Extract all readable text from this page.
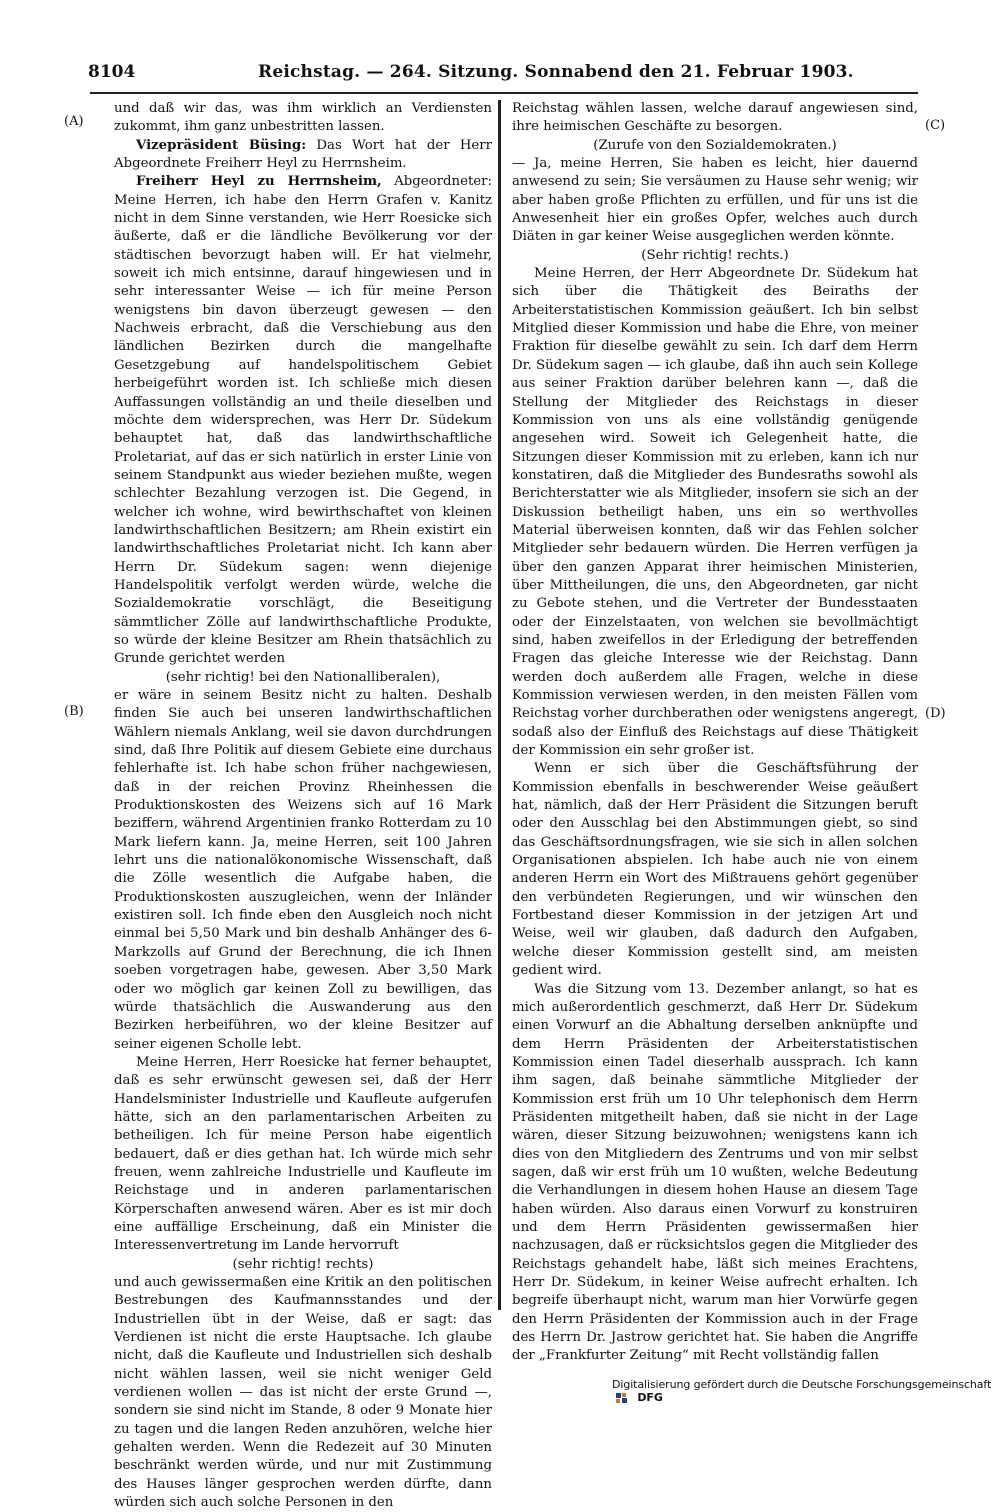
8104	Reichstag. — 264. Sitzung. Sonnabend den 21. Februar 1903.
(A)
(B)
(C)
(D)

und daß wir das, was ihm wirklich an Verdiensten zukommt, ihm ganz unbestritten lassen.

Vizepräsident Büsing: Das Wort hat der Herr Abgeordnete Freiherr Heyl zu Herrnsheim.

Freiherr Heyl zu Herrnsheim, Abgeordneter: Meine Herren, ich habe den Herrn Grafen v. Kanitz nicht in dem Sinne verstanden, wie Herr Roesicke sich äußerte, daß er die ländliche Bevölkerung vor der städtischen bevorzugt haben will. Er hat vielmehr, soweit ich mich entsinne, darauf hingewiesen und in sehr interessanter Weise — ich für meine Person wenigstens bin davon überzeugt gewesen — den Nachweis erbracht, daß die Verschiebung aus den ländlichen Bezirken durch die mangelhafte Gesetzgebung auf handelspolitischem Gebiet herbeigeführt worden ist. Ich schließe mich diesen Auffassungen vollständig an und theile dieselben und möchte dem widersprechen, was Herr Dr. Südekum behauptet hat, daß das landwirthschaftliche Proletariat, auf das er sich natürlich in erster Linie von seinem Standpunkt aus wieder beziehen mußte, wegen schlechter Bezahlung verzogen ist. Die Gegend, in welcher ich wohne, wird bewirthschaftet von kleinen landwirthschaftlichen Besitzern; am Rhein existirt ein landwirthschaftliches Proletariat nicht. Ich kann aber Herrn Dr. Südekum sagen: wenn diejenige Handelspolitik verfolgt werden würde, welche die Sozialdemokratie vorschlägt, die Beseitigung sämmtlicher Zölle auf landwirthschaftliche Produkte, so würde der kleine Besitzer am Rhein thatsächlich zu Grunde gerichtet werden

(sehr richtig! bei den Nationalliberalen),

er wäre in seinem Besitz nicht zu halten. Deshalb finden Sie auch bei unseren landwirthschaftlichen Wählern niemals Anklang, weil sie davon durchdrungen sind, daß Ihre Politik auf diesem Gebiete eine durchaus fehlerhafte ist. Ich habe schon früher nachgewiesen, daß in der reichen Provinz Rheinhessen die Produktionskosten des Weizens sich auf 16 Mark beziffern, während Argentinien franko Rotterdam zu 10 Mark liefern kann. Ja, meine Herren, seit 100 Jahren lehrt uns die nationalökonomische Wissenschaft, daß die Zölle wesentlich die Aufgabe haben, die Produktionskosten auszugleichen, wenn der Inländer existiren soll. Ich finde eben den Ausgleich noch nicht einmal bei 5,50 Mark und bin deshalb Anhänger des 6-Markzolls auf Grund der Berechnung, die ich Ihnen soeben vorgetragen habe, gewesen. Aber 3,50 Mark oder wo möglich gar keinen Zoll zu bewilligen, das würde thatsächlich die Auswanderung aus den Bezirken herbeiführen, wo der kleine Besitzer auf seiner eigenen Scholle lebt.

Meine Herren, Herr Roesicke hat ferner behauptet, daß es sehr erwünscht gewesen sei, daß der Herr Handelsminister Industrielle und Kaufleute aufgerufen hätte, sich an den parlamentarischen Arbeiten zu betheiligen. Ich für meine Person habe eigentlich bedauert, daß er dies gethan hat. Ich würde mich sehr freuen, wenn zahlreiche Industrielle und Kaufleute im Reichstage und in anderen parlamentarischen Körperschaften anwesend wären. Aber es ist mir doch eine auffällige Erscheinung, daß ein Minister die Interessenvertretung im Lande hervorruft

(sehr richtig! rechts)

und auch gewissermaßen eine Kritik an den politischen Bestrebungen des Kaufmannsstandes und der Industriellen übt in der Weise, daß er sagt: das Verdienen ist nicht die erste Hauptsache. Ich glaube nicht, daß die Kaufleute und Industriellen sich deshalb nicht wählen lassen, weil sie nicht weniger Geld verdienen wollen — das ist nicht der erste Grund —, sondern sie sind nicht im Stande, 8 oder 9 Monate hier zu tagen und die langen Reden anzuhören, welche hier gehalten werden. Wenn die Redezeit auf 30 Minuten beschränkt werden würde, und nur mit Zustimmung des Hauses länger gesprochen werden dürfte, dann würden sich auch solche Personen in den

Reichstag wählen lassen, welche darauf angewiesen sind, ihre heimischen Geschäfte zu besorgen.

(Zurufe von den Sozialdemokraten.)

— Ja, meine Herren, Sie haben es leicht, hier dauernd anwesend zu sein; Sie versäumen zu Hause sehr wenig; wir aber haben große Pflichten zu erfüllen, und für uns ist die Anwesenheit hier ein großes Opfer, welches auch durch Diäten in gar keiner Weise ausgeglichen werden könnte.

(Sehr richtig! rechts.)

Meine Herren, der Herr Abgeordnete Dr. Südekum hat sich über die Thätigkeit des Beiraths der Arbeiterstatistischen Kommission geäußert. Ich bin selbst Mitglied dieser Kommission und habe die Ehre, von meiner Fraktion für dieselbe gewählt zu sein. Ich darf dem Herrn Dr. Südekum sagen — ich glaube, daß ihn auch sein Kollege aus seiner Fraktion darüber belehren kann —, daß die Stellung der Mitglieder des Reichstags in dieser Kommission von uns als eine vollständig genügende angesehen wird. Soweit ich Gelegenheit hatte, die Sitzungen dieser Kommission mit zu erleben, kann ich nur konstatiren, daß die Mitglieder des Bundesraths sowohl als Berichterstatter wie als Mitglieder, insofern sie sich an der Diskussion betheiligt haben, uns ein so werthvolles Material überweisen konnten, daß wir das Fehlen solcher Mitglieder sehr bedauern würden. Die Herren verfügen ja über den ganzen Apparat ihrer heimischen Ministerien, über Mittheilungen, die uns, den Abgeordneten, gar nicht zu Gebote stehen, und die Vertreter der Bundesstaaten oder der Einzelstaaten, von welchen sie bevollmächtigt sind, haben zweifellos in der Erledigung der betreffenden Fragen das gleiche Interesse wie der Reichstag. Dann werden doch außerdem alle Fragen, welche in diese Kommission verwiesen werden, in den meisten Fällen vom Reichstag vorher durchberathen oder wenigstens angeregt, sodaß also der Einfluß des Reichstags auf diese Thätigkeit der Kommission ein sehr großer ist.

Wenn er sich über die Geschäftsführung der Kommission ebenfalls in beschwerender Weise geäußert hat, nämlich, daß der Herr Präsident die Sitzungen beruft oder den Ausschlag bei den Abstimmungen giebt, so sind das Geschäftsordnungsfragen, wie sie sich in allen solchen Organisationen abspielen. Ich habe auch nie von einem anderen Herrn ein Wort des Mißtrauens gehört gegenüber den verbündeten Regierungen, und wir wünschen den Fortbestand dieser Kommission in der jetzigen Art und Weise, weil wir glauben, daß dadurch den Aufgaben, welche dieser Kommission gestellt sind, am meisten gedient wird.

Was die Sitzung vom 13. Dezember anlangt, so hat es mich außerordentlich geschmerzt, daß Herr Dr. Südekum einen Vorwurf an die Abhaltung derselben anknüpfte und dem Herrn Präsidenten der Arbeiterstatistischen Kommission einen Tadel dieserhalb aussprach. Ich kann ihm sagen, daß beinahe sämmtliche Mitglieder der Kommission erst früh um 10 Uhr telephonisch dem Herrn Präsidenten mitgetheilt haben, daß sie nicht in der Lage wären, dieser Sitzung beizuwohnen; wenigstens kann ich dies von den Mitgliedern des Zentrums und von mir selbst sagen, daß wir erst früh um 10 wußten, welche Bedeutung die Verhandlungen in diesem hohen Hause an diesem Tage haben würden. Also daraus einen Vorwurf zu konstruiren und dem Herrn Präsidenten gewissermaßen hier nachzusagen, daß er rücksichtslos gegen die Mitglieder des Reichstags gehandelt habe, läßt sich meines Erachtens, Herr Dr. Südekum, in keiner Weise aufrecht erhalten. Ich begreife überhaupt nicht, warum man hier Vorwürfe gegen den Herrn Präsidenten der Kommission auch in der Frage des Herrn Dr. Jastrow gerichtet hat. Sie haben die Angriffe der „Frankfurter Zeitung“ mit Recht vollständig fallen

Digitalisierung gefördert durch die Deutsche Forschungsgemeinschaft  DFG
